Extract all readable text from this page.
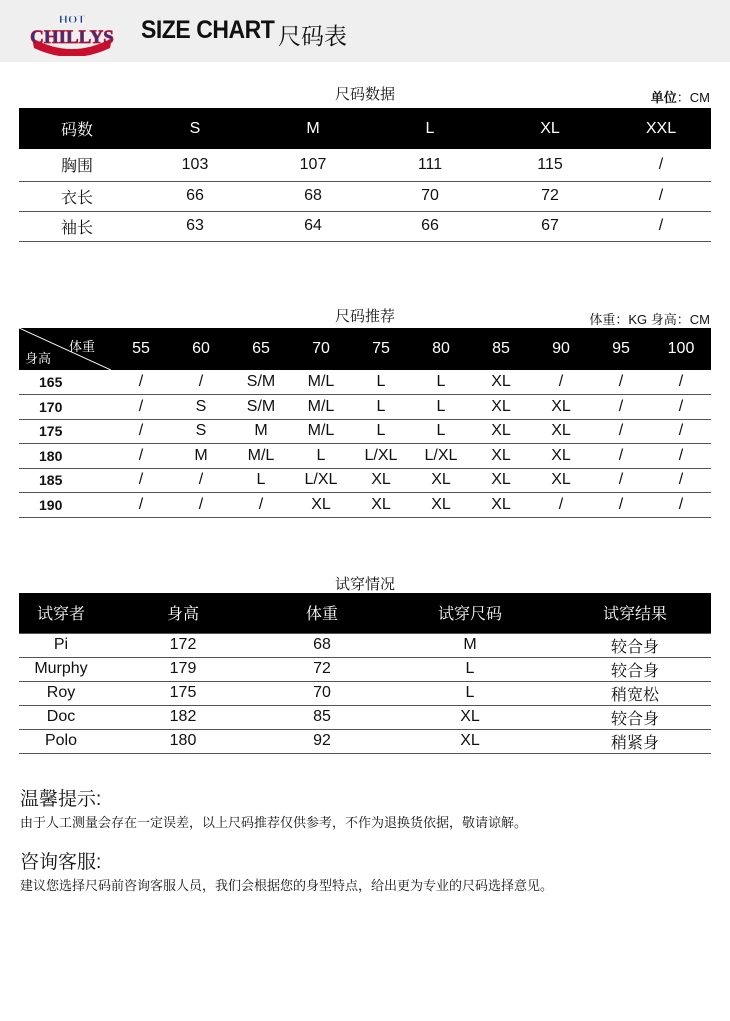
HOT
CHILLYS SIZE CHART 尺码表
尺码数据	单位：CM
码数	S	M	L	XL	XXL
胸围	103	107	111	115	/
衣长	66	68	70	72	/
袖长	63	64	66	67	/
尺码推荐	体重：KG 身高：CM
体重
身高	55	60	65	70	75	80	85	90	95	100
165	/	/	S/M	M/L	L	L	XL	/	/	/
170	/	S	S/M	M/L	L	L	XL	XL	/	/
175	/	S	M	M/L	L	L	XL	XL	/	/
180	/	M	M/L	L	L/XL	L/XL	XL	XL	/	/
185	/	/	L	L/XL	XL	XL	XL	XL	/	/
190	/	/	/	XL	XL	XL	XL	/	/	/
试穿情况
试穿者	身高	体重	试穿尺码	试穿结果
Pi	172	68	M	较合身
Murphy	179	72	L	较合身
Roy	175	70	L	稍宽松
Doc	182	85	XL	较合身
Polo	180	92	XL	稍紧身
温馨提示:
由于人工测量会存在一定误差，以上尺码推荐仅供参考，不作为退换货依据，敬请谅解。
咨询客服:
建议您选择尺码前咨询客服人员，我们会根据您的身型特点，给出更为专业的尺码选择意见。
